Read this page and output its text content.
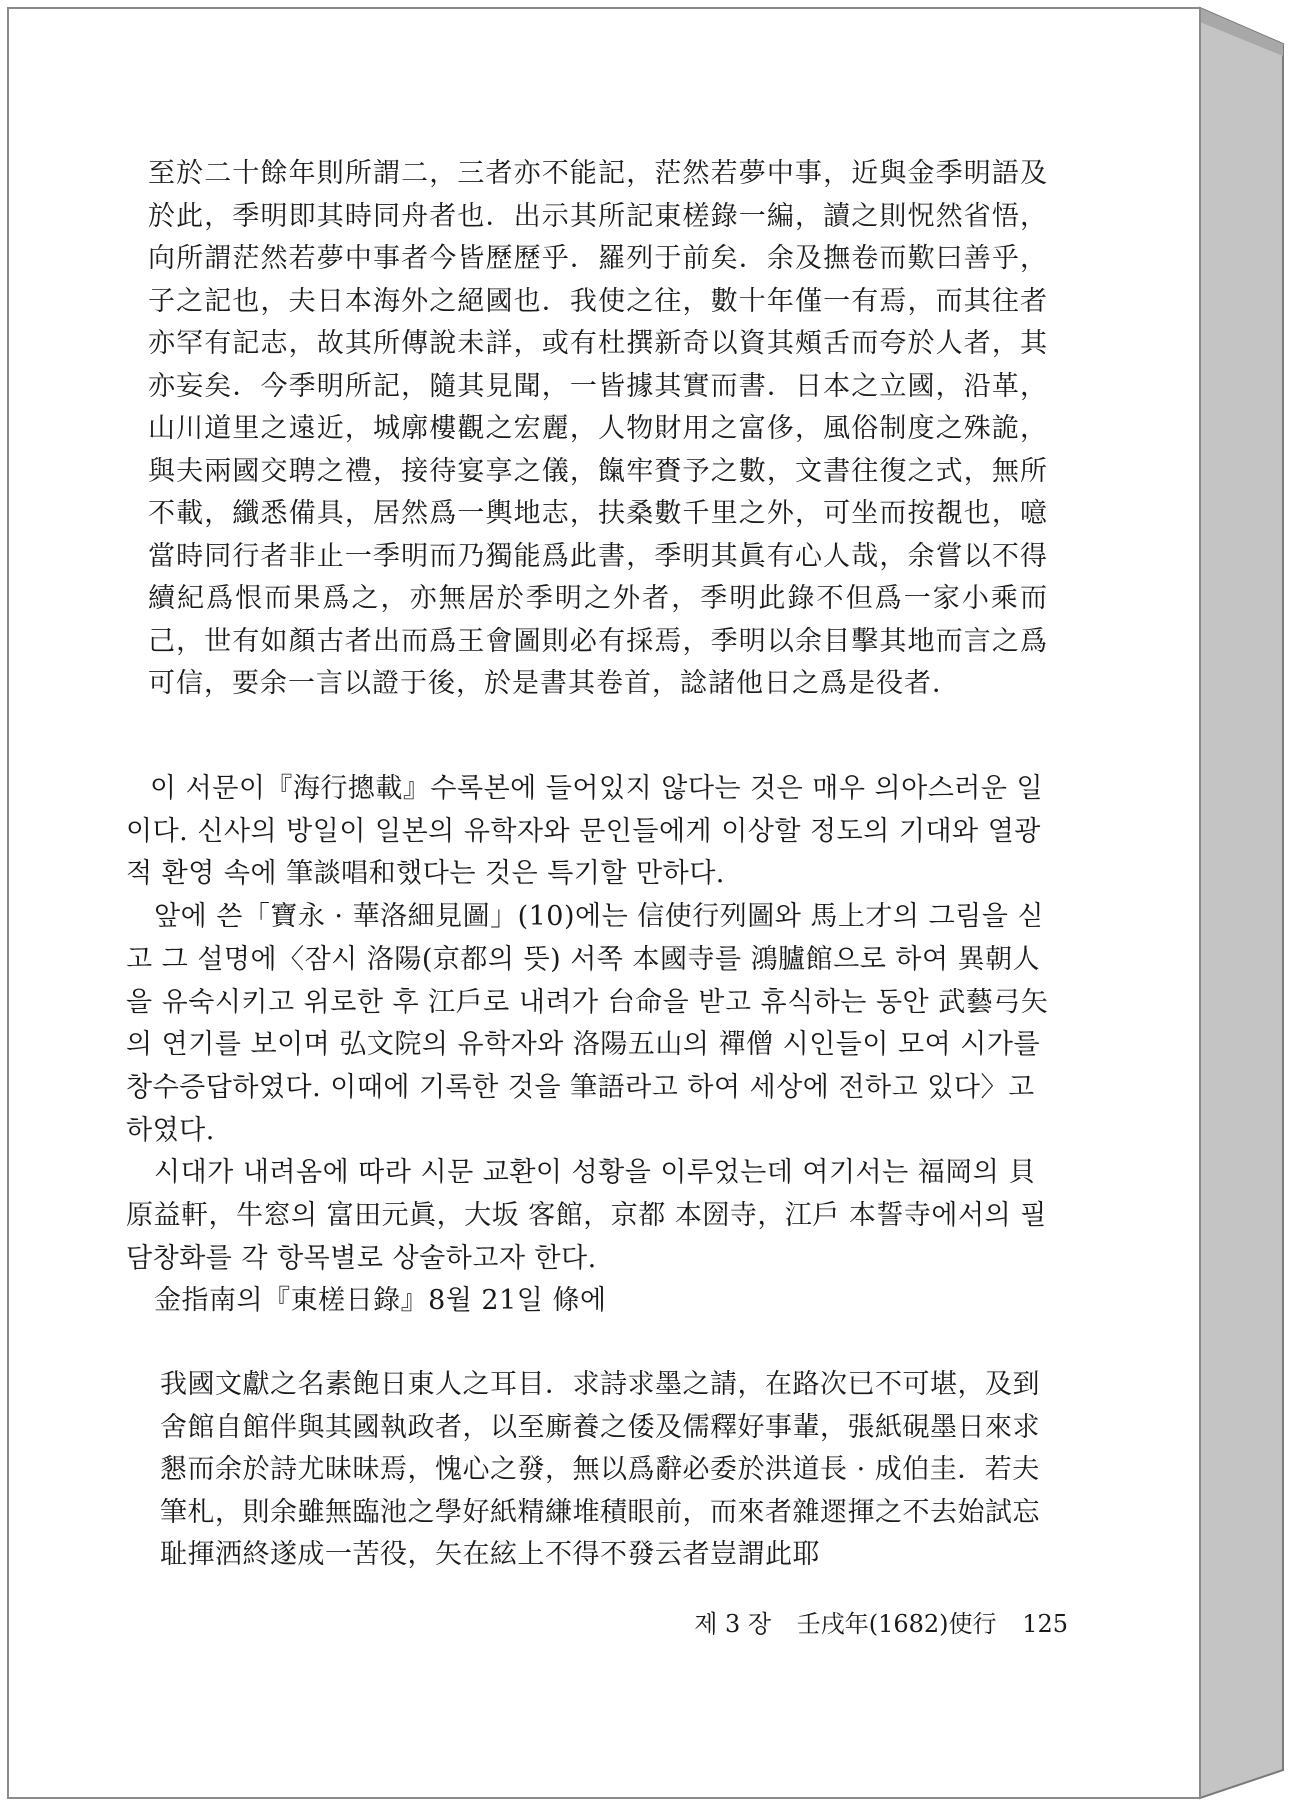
至於二十餘年則所謂二，三者亦不能記，茫然若夢中事，近與金季明語及於此，季明即其時同舟者也．出示其所記東槎錄一編，讀之則怳然省悟，向所謂茫然若夢中事者今皆歷歷乎．羅列于前矣．余及撫卷而歎曰善乎，子之記也，夫日本海外之絕國也．我使之往，數十年僅一有焉，而其往者亦罕有記志，故其所傳說未詳，或有杜撰新奇以資其頰舌而夸於人者，其亦妄矣．今季明所記，隨其見聞，一皆據其實而書．日本之立國，沿革，山川道里之遠近，城廓樓觀之宏麗，人物財用之富侈，風俗制度之殊詭，與夫兩國交聘之禮，接待宴享之儀，餼牢賚予之數，文書往復之式，無所不載，纖悉備具，居然爲一輿地志，扶桑數千里之外，可坐而按覩也，噫當時同行者非止一季明而乃獨能爲此書，季明其眞有心人哉，余嘗以不得續紀爲恨而果爲之，亦無居於季明之外者，季明此錄不但爲一家小乘而己，世有如顏古者出而爲王會圖則必有採焉，季明以余目擊其地而言之爲可信，要余一言以證于後，於是書其卷首，諗諸他日之爲是役者．

이 서문이『海行摠載』수록본에 들어있지 않다는 것은 매우 의아스러운 일이다. 신사의 방일이 일본의 유학자와 문인들에게 이상할 정도의 기대와 열광적 환영 속에 筆談唱和했다는 것은 특기할 만하다.

앞에 쓴「寶永 · 華洛細見圖」(10)에는 信使行列圖와 馬上才의 그림을 싣고 그 설명에〈잠시 洛陽(京都의 뜻) 서쪽 本國寺를 鴻臚館으로 하여 異朝人을 유숙시키고 위로한 후 江戶로 내려가 台命을 받고 휴식하는 동안 武藝弓矢의 연기를 보이며 弘文院의 유학자와 洛陽五山의 禪僧 시인들이 모여 시가를 창수증답하였다. 이때에 기록한 것을 筆語라고 하여 세상에 전하고 있다〉고 하였다.

시대가 내려옴에 따라 시문 교환이 성황을 이루었는데 여기서는 福岡의 貝原益軒，牛窓의 富田元眞，大坂 客館，京都 本圀寺，江戶 本誓寺에서의 필담창화를 각 항목별로 상술하고자 한다.

金指南의『東槎日錄』8월 21일 條에

我國文獻之名素飽日東人之耳目．求詩求墨之請，在路次已不可堪，及到舍館自館伴與其國執政者，以至廝養之倭及儒釋好事輩，張紙硯墨日來求懇而余於詩尤昧昧焉，愧心之發，無以爲辭必委於洪道長 · 成伯圭．若夫筆札，則余雖無臨池之學好紙精縑堆積眼前，而來者雜遝揮之不去始試忘耻揮洒終遂成一苦役，矢在絃上不得不發云者豈謂此耶

제 3 장 壬戌年(1682)使行 125
